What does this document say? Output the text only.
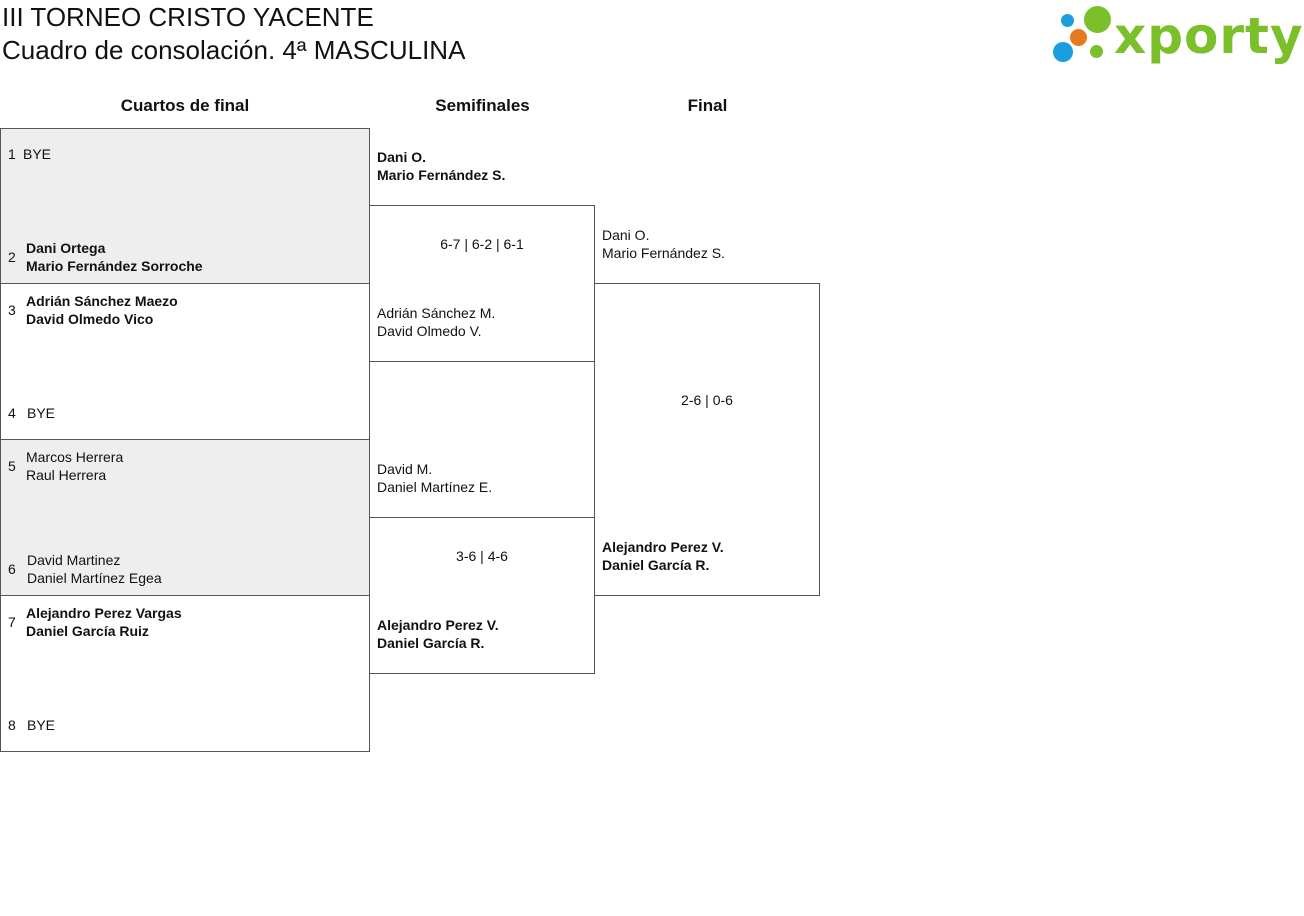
III TORNEO CRISTO YACENTE
Cuadro de consolación. 4ª MASCULINA	xporty
Cuartos de final	Semifinales	Final
1 BYE
2
Dani Ortega
Mario Fernández Sorroche
3
Adrián Sánchez Maezo
David Olmedo Vico
4 BYE
5
Marcos Herrera
Raul Herrera
6
David Martinez
Daniel Martínez Egea
7
Alejandro Perez Vargas
Daniel García Ruiz
8 BYE
Dani O.
Mario Fernández S.
6-7 | 6-2 | 6-1
Adrián Sánchez M.
David Olmedo V.
David M.
Daniel Martínez E.
3-6 | 4-6
Alejandro Perez V.
Daniel García R.
Dani O.
Mario Fernández S.
2-6 | 0-6
Alejandro Perez V.
Daniel García R.
